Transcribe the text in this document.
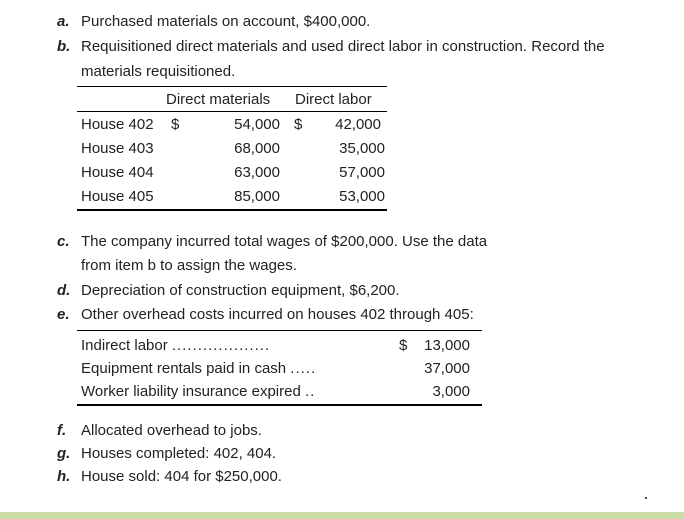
a. Purchased materials on account, $400,000.
b. Requisitioned direct materials and used direct labor in construction. Record the
materials requisitioned.
Direct materials Direct labor
House 402 $	54,000 $	42,000
House 403	68,000	35,000
House 404	63,000	57,000
House 405	85,000	53,000
c. The company incurred total wages of $200,000. Use the data
from item b to assign the wages.
d. Depreciation of construction equipment, $6,200.
e. Other overhead costs incurred on houses 402 through 405:
Indirect labor ...................	$	13,000
Equipment rentals paid in cash .....	37,000
Worker liability insurance expired ..	3,000
f. Allocated overhead to jobs.
g. Houses completed: 402, 404.
h. House sold: 404 for $250,000.
